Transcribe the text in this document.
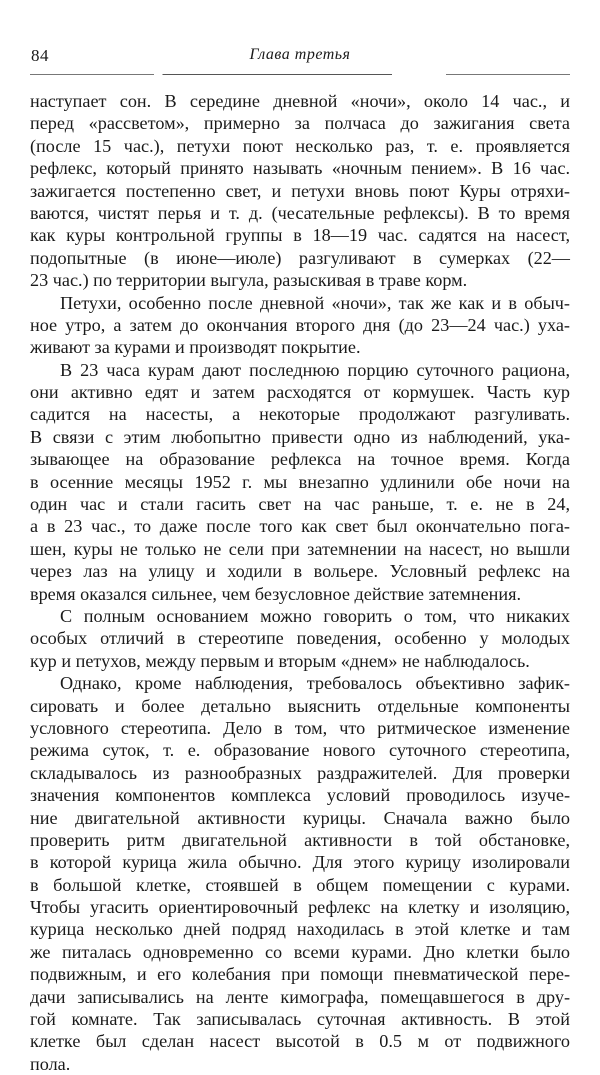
84	Глава третья
наступает сон. В середине дневной «ночи», около 14 час., и
перед «рассветом», примерно за полчаса до зажигания света
(после 15 час.), петухи поют несколько раз, т. е. проявляется
рефлекс, который принято называть «ночным пением». В 16 час.
зажигается постепенно свет, и петухи вновь поют Куры отряхи-
ваются, чистят перья и т. д. (чесательные рефлексы). В то время
как куры контрольной группы в 18—19 час. садятся на насест,
подопытные (в июне—июле) разгуливают в сумерках (22—
23 час.) по территории выгула, разыскивая в траве корм.
Петухи, особенно после дневной «ночи», так же как и в обыч-
ное утро, а затем до окончания второго дня (до 23—24 час.) уха-
живают за курами и производят покрытие.
В 23 часа курам дают последнюю порцию суточного рациона,
они активно едят и затем расходятся от кормушек. Часть кур
садится на насесты, а некоторые продолжают разгуливать.
В связи с этим любопытно привести одно из наблюдений, ука-
зывающее на образование рефлекса на точное время. Когда
в осенние месяцы 1952 г. мы внезапно удлинили обе ночи на
один час и стали гасить свет на час раньше, т. е. не в 24,
а в 23 час., то даже после того как свет был окончательно пога-
шен, куры не только не сели при затемнении на насест, но вышли
через лаз на улицу и ходили в вольере. Условный рефлекс на
время оказался сильнее, чем безусловное действие затемнения.
С полным основанием можно говорить о том, что никаких
особых отличий в стереотипе поведения, особенно у молодых
кур и петухов, между первым и вторым «днем» не наблюдалось.
Однако, кроме наблюдения, требовалось объективно зафик-
сировать и более детально выяснить отдельные компоненты
условного стереотипа. Дело в том, что ритмическое изменение
режима суток, т. е. образование нового суточного стереотипа,
складывалось из разнообразных раздражителей. Для проверки
значения компонентов комплекса условий проводилось изуче-
ние двигательной активности курицы. Сначала важно было
проверить ритм двигательной активности в той обстановке,
в которой курица жила обычно. Для этого курицу изолировали
в большой клетке, стоявшей в общем помещении с курами.
Чтобы угасить ориентировочный рефлекс на клетку и изоляцию,
курица несколько дней подряд находилась в этой клетке и там
же питалась одновременно со всеми курами. Дно клетки было
подвижным, и его колебания при помощи пневматической пере-
дачи записывались на ленте кимографа, помещавшегося в дру-
гой комнате. Так записывалась суточная активность. В этой
клетке был сделан насест высотой в 0.5 м от подвижного
пола.
